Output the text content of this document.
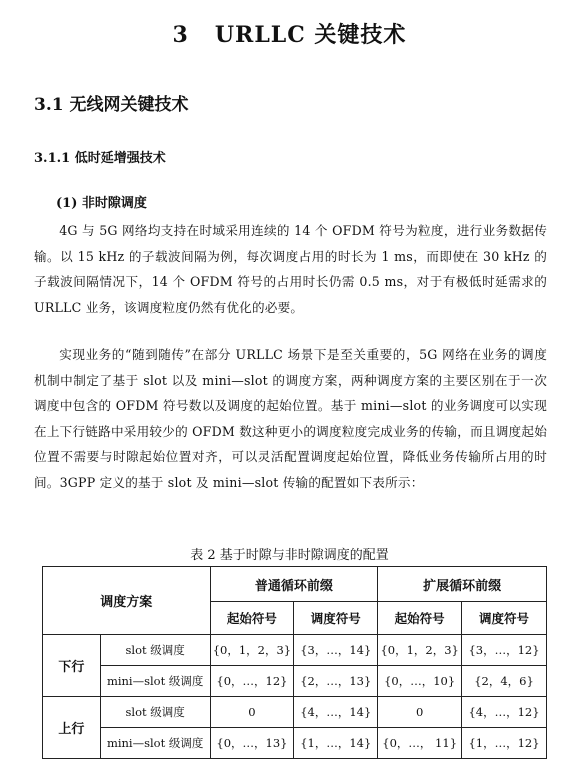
3 URLLC 关键技术
3.1 无线网关键技术
3.1.1 低时延增强技术
(1) 非时隙调度

4G 与 5G 网络均支持在时域采用连续的 14 个 OFDM 符号为粒度，进行业务数据传输。以 15 kHz 的子载波间隔为例，每次调度占用的时长为 1 ms，而即使在 30 kHz 的子载波间隔情况下，14 个 OFDM 符号的占用时长仍需 0.5 ms，对于有极低时延需求的 URLLC 业务，该调度粒度仍然有优化的必要。

实现业务的“随到随传”在部分 URLLC 场景下是至关重要的，5G 网络在业务的调度机制中制定了基于 slot 以及 mini—slot 的调度方案，两种调度方案的主要区别在于一次调度中包含的 OFDM 符号数以及调度的起始位置。基于 mini—slot 的业务调度可以实现在上下行链路中采用较少的 OFDM 数这种更小的调度粒度完成业务的传输，而且调度起始位置不需要与时隙起始位置对齐，可以灵活配置调度起始位置，降低业务传输所占用的时间。3GPP 定义的基于 slot 及 mini—slot 传输的配置如下表所示：

表 2 基于时隙与非时隙调度的配置
调度方案		普通循环前缀		扩展循环前缀	
		起始符号	调度符号	起始符号	调度符号
下行	slot 级调度	{0，1，2，3}	{3，…，14}	{0，1，2，3}	{3，…，12}
	mini—slot 级调度	{0，…，12}	{2，…，13}	{0，…，10}	{2，4，6}
上行	slot 级调度	0	{4，…，14}	0	{4，…，12}
	mini—slot 级调度	{0，…，13}	{1，…，14}	{0，…， 11}	{1，…，12}
